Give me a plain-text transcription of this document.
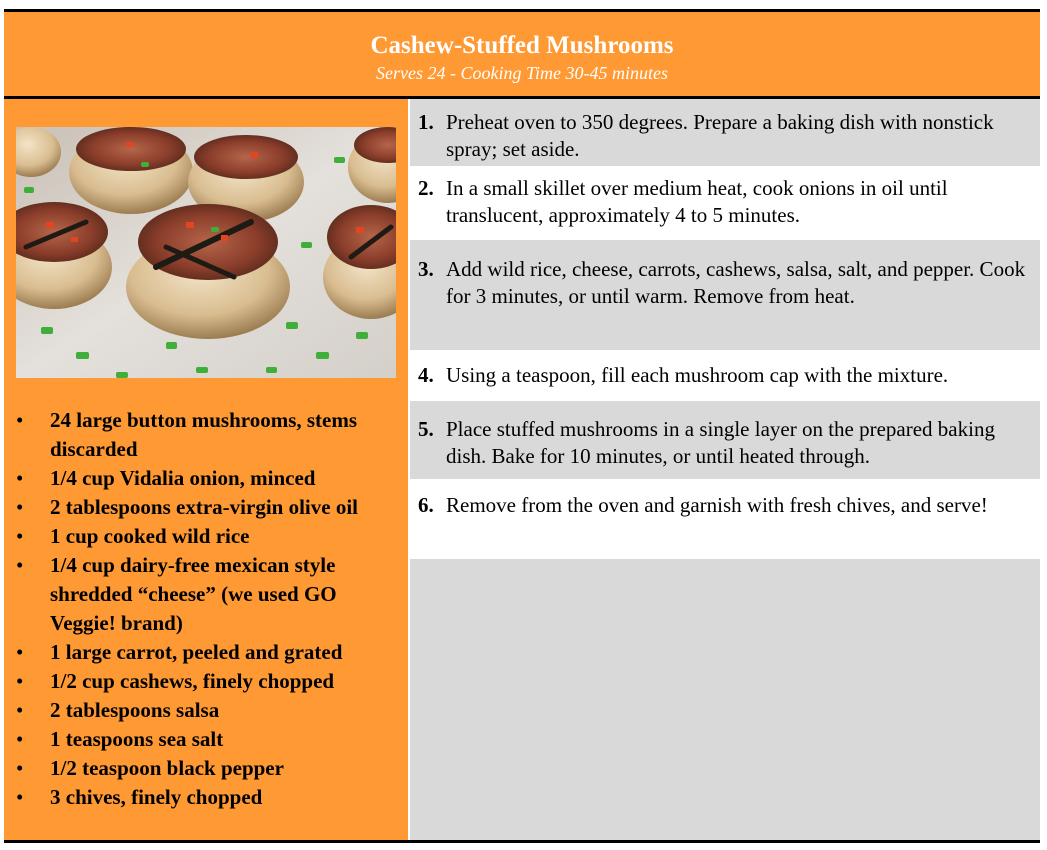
Cashew-Stuffed Mushrooms
Serves 24 - Cooking Time 30-45 minutes
• 24 large button mushrooms, stems discarded
• 1/4 cup Vidalia onion, minced
• 2 tablespoons extra-virgin olive oil
• 1 cup cooked wild rice
• 1/4 cup dairy-free mexican style shredded “cheese” (we used GO Veggie! brand)
• 1 large carrot, peeled and grated
• 1/2 cup cashews, finely chopped
• 2 tablespoons salsa
• 1 teaspoons sea salt
• 1/2 teaspoon black pepper
• 3 chives, finely chopped
1. Preheat oven to 350 degrees. Prepare a baking dish with nonstick spray; set aside.
2. In a small skillet over medium heat, cook onions in oil until translucent, approximately 4 to 5 minutes.
3. Add wild rice, cheese, carrots, cashews, salsa, salt, and pepper. Cook for 3 minutes, or until warm. Remove from heat.
4. Using a teaspoon, fill each mushroom cap with the mixture.
5. Place stuffed mushrooms in a single layer on the prepared baking dish. Bake for 10 minutes, or until heated through.
6. Remove from the oven and garnish with fresh chives, and serve!
